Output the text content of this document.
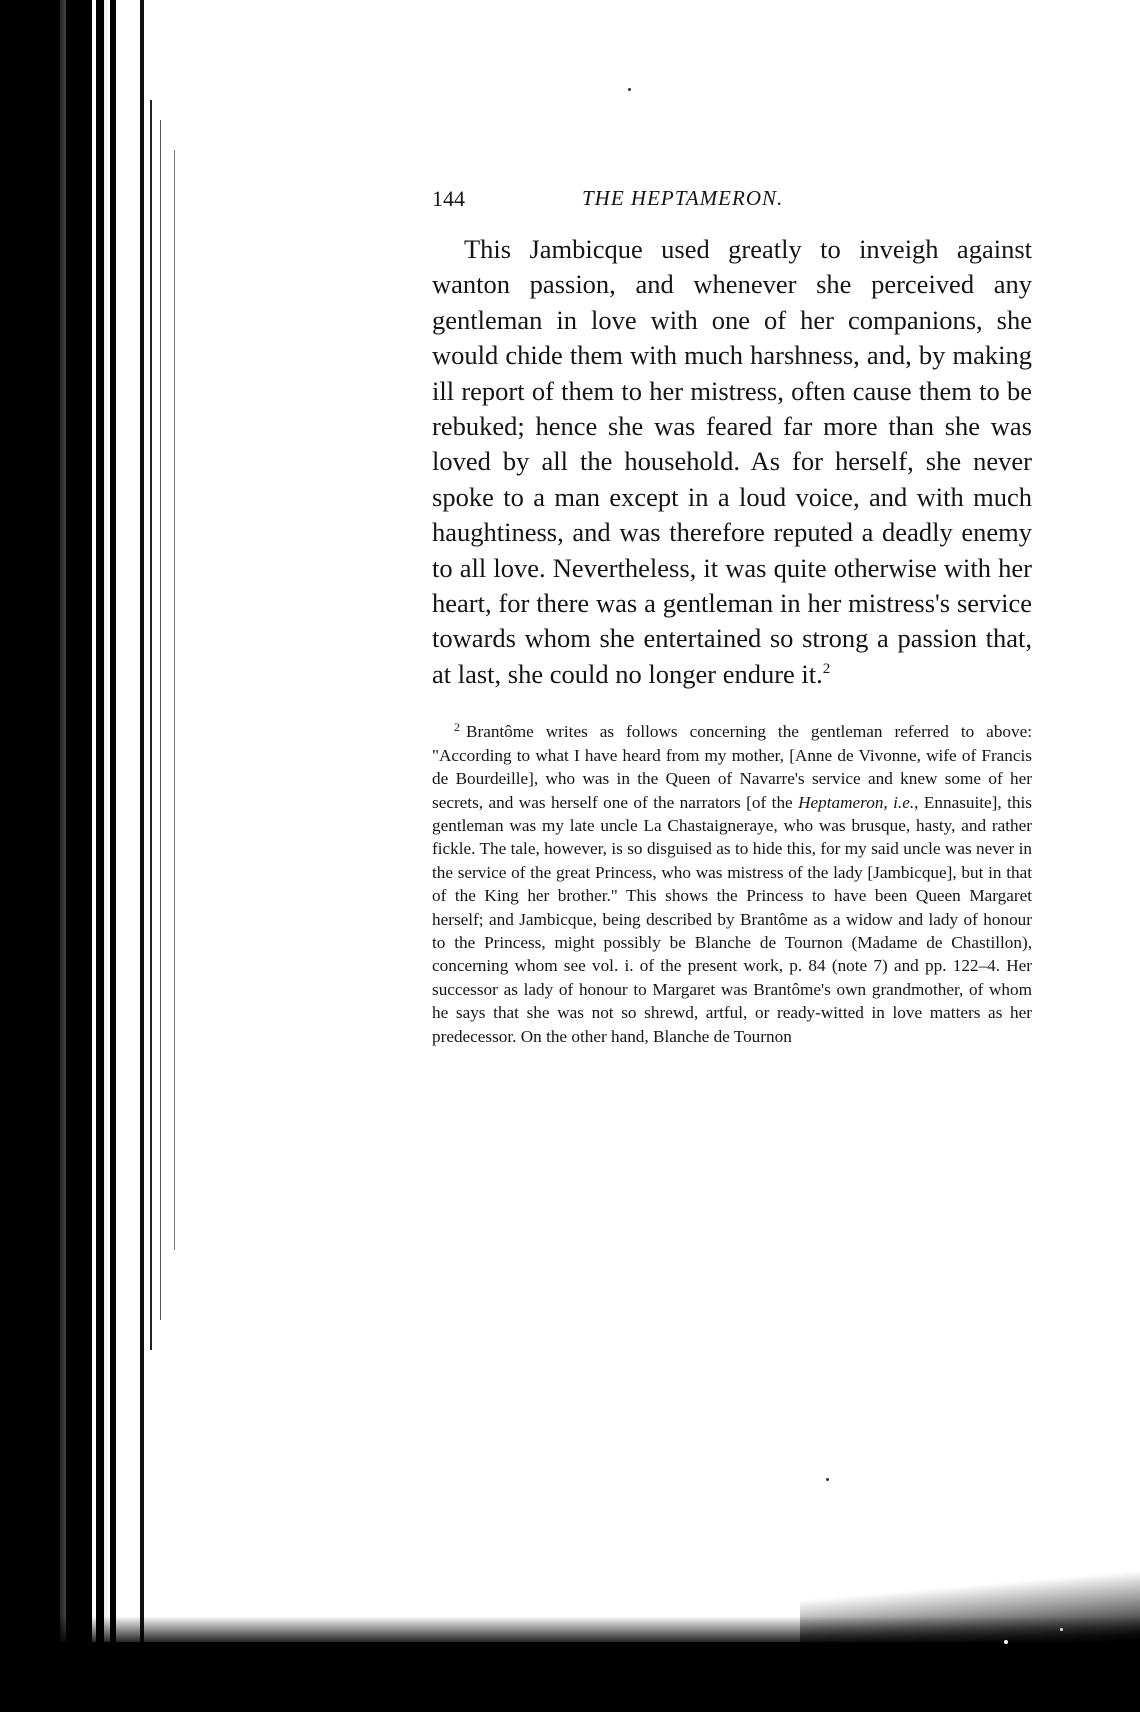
144	THE HEPTAMERON.

This Jambicque used greatly to inveigh against wanton passion, and whenever she perceived any gentleman in love with one of her companions, she would chide them with much harshness, and, by making ill report of them to her mistress, often cause them to be rebuked; hence she was feared far more than she was loved by all the household. As for herself, she never spoke to a man except in a loud voice, and with much haughtiness, and was therefore reputed a deadly enemy to all love. Nevertheless, it was quite otherwise with her heart, for there was a gentleman in her mistress's service towards whom she entertained so strong a passion that, at last, she could no longer endure it.$^2$

$^2$ Brantôme writes as follows concerning the gentleman referred to above: "According to what I have heard from my mother, [Anne de Vivonne, wife of Francis de Bourdeille], who was in the Queen of Navarre's service and knew some of her secrets, and was herself one of the narrators [of the Heptameron, i.e., Ennasuite], this gentleman was my late uncle La Chastaigneraye, who was brusque, hasty, and rather fickle. The tale, however, is so disguised as to hide this, for my said uncle was never in the service of the great Princess, who was mistress of the lady [Jambicque], but in that of the King her brother." This shows the Princess to have been Queen Margaret herself; and Jambicque, being described by Brantôme as a widow and lady of honour to the Princess, might possibly be Blanche de Tournon (Madame de Chastillon), concerning whom see vol. i. of the present work, p. 84 (note 7) and pp. 122–4. Her successor as lady of honour to Margaret was Brantôme's own grandmother, of whom he says that she was not so shrewd, artful, or ready-witted in love matters as her predecessor. On the other hand, Blanche de Tournon
